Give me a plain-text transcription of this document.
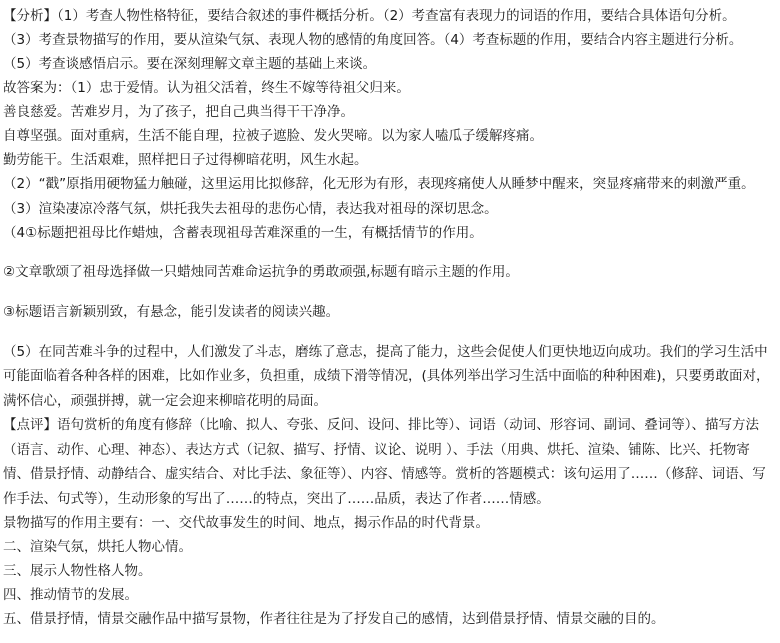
【分析】（1）考查人物性格特征，要结合叙述的事件概括分析。（2）考查富有表现力的词语的作用，要结合具体语句分析。
（3）考查景物描写的作用，要从渲染气氛、表现人物的感情的角度回答。（4）考查标题的作用，要结合内容主题进行分析。
（5）考查谈感悟启示。要在深刻理解文章主题的基础上来谈。
故答案为：（1）忠于爱情。认为祖父活着，终生不嫁等待祖父归来。
善良慈爱。苦难岁月，为了孩子，把自己典当得干干净净。
自尊坚强。面对重病，生活不能自理，拉被子遮脸、发火哭啼。以为家人嗑瓜子缓解疼痛。
勤劳能干。生活艰难，照样把日子过得柳暗花明，风生水起。
（2）“戳”原指用硬物猛力触碰，这里运用比拟修辞，化无形为有形，表现疼痛使人从睡梦中醒来，突显疼痛带来的刺激严重。
（3）渲染凄凉冷落气氛，烘托我失去祖母的悲伤心情，表达我对祖母的深切思念。
（4①标题把祖母比作蜡烛，含蓄表现祖母苦难深重的一生，有概括情节的作用。
②文章歌颂了祖母选择做一只蜡烛同苦难命运抗争的勇敢顽强,标题有暗示主题的作用。
③标题语言新颖别致，有悬念，能引发读者的阅读兴趣。
（5）在同苦难斗争的过程中，人们激发了斗志，磨练了意志，提高了能力，这些会促使人们更快地迈向成功。我们的学习生活中可能面临着各种各样的困难，比如作业多，负担重，成绩下滑等情况，(具体列举出学习生活中面临的种种困难)，只要勇敢面对，满怀信心，顽强拼搏，就一定会迎来柳暗花明的局面。
【点评】语句赏析的角度有修辞（比喻、拟人、夸张、反问、设问、排比等）、词语（动词、形容词、副词、叠词等）、描写方法（语言、动作、心理、神态）、表达方式（记叙、描写、抒情、议论、说明 ）、手法（用典、烘托、渲染、铺陈、比兴、托物寄情、借景抒情、动静结合、虚实结合、对比手法、象征等）、内容、情感等。赏析的答题模式：该句运用了……（修辞、词语、写作手法、句式等），生动形象的写出了……的特点，突出了……品质，表达了作者……情感。
景物描写的作用主要有：一、交代故事发生的时间、地点，揭示作品的时代背景。
二、渲染气氛，烘托人物心情。
三、展示人物性格人物。
四、推动情节的发展。
五、借景抒情，情景交融作品中描写景物，作者往往是为了抒发自己的感情，达到借景抒情、情景交融的目的。
